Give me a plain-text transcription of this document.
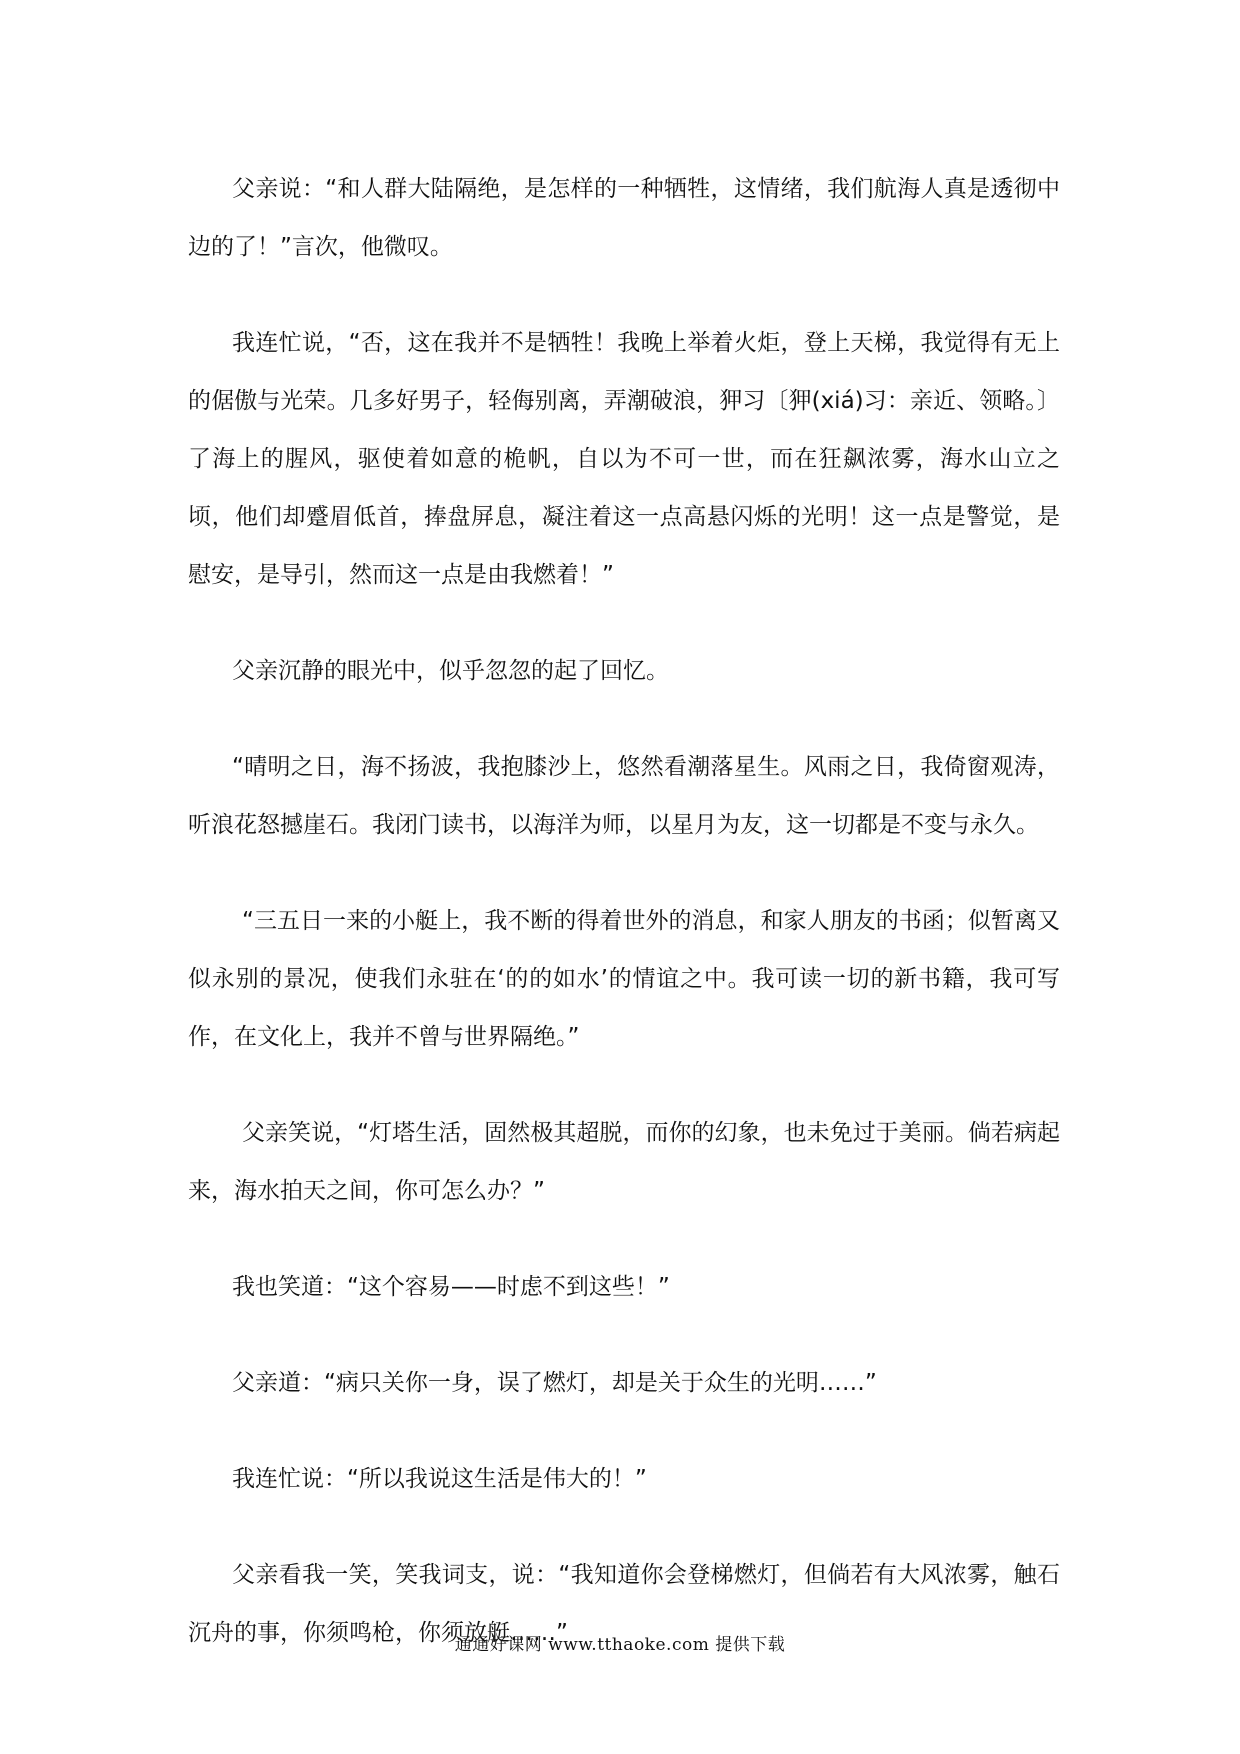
父亲说：“和人群大陆隔绝，是怎样的一种牺牲，这情绪，我们航海人真是透彻中边的了！”言次，他微叹。

我连忙说，“否，这在我并不是牺牲！我晚上举着火炬，登上天梯，我觉得有无上的倨傲与光荣。几多好男子，轻侮别离，弄潮破浪，狎习〔狎(xiá)习：亲近、领略。〕了海上的腥风，驱使着如意的桅帆，自以为不可一世，而在狂飙浓雾，海水山立之顷，他们却蹙眉低首，捧盘屏息，凝注着这一点高悬闪烁的光明！这一点是警觉，是慰安，是导引，然而这一点是由我燃着！”

父亲沉静的眼光中，似乎忽忽的起了回忆。

“晴明之日，海不扬波，我抱膝沙上，悠然看潮落星生。风雨之日，我倚窗观涛，听浪花怒撼崖石。我闭门读书，以海洋为师，以星月为友，这一切都是不变与永久。

“三五日一来的小艇上，我不断的得着世外的消息，和家人朋友的书函；似暂离又似永别的景况，使我们永驻在‘的的如水’的情谊之中。我可读一切的新书籍，我可写作，在文化上，我并不曾与世界隔绝。”

父亲笑说，“灯塔生活，固然极其超脱，而你的幻象，也未免过于美丽。倘若病起来，海水拍天之间，你可怎么办？”

我也笑道：“这个容易——时虑不到这些！”

父亲道：“病只关你一身，误了燃灯，却是关于众生的光明……”

我连忙说：“所以我说这生活是伟大的！”

父亲看我一笑，笑我词支，说：“我知道你会登梯燃灯，但倘若有大风浓雾，触石沉舟的事，你须鸣枪，你须放艇……”

通通好课网 www.tthaoke.com 提供下载
